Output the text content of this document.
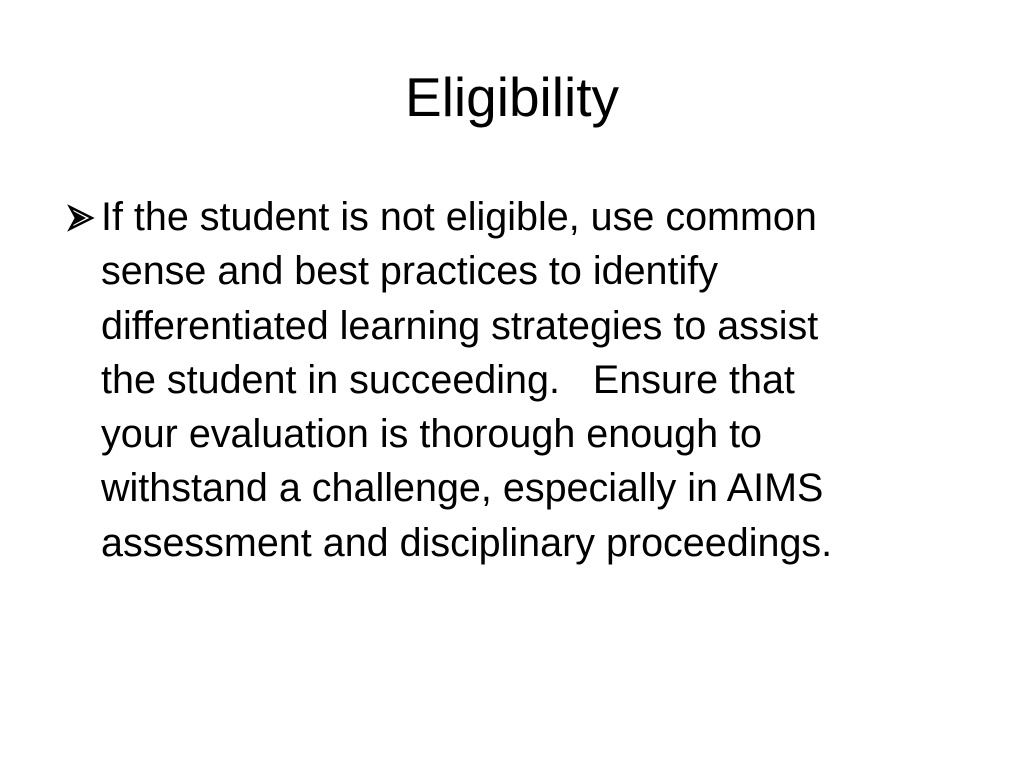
Eligibility
If the student is not eligible, use common
sense and best practices to identify
differentiated learning strategies to assist
the student in succeeding.   Ensure that
your evaluation is thorough enough to
withstand a challenge, especially in AIMS
assessment and disciplinary proceedings.
